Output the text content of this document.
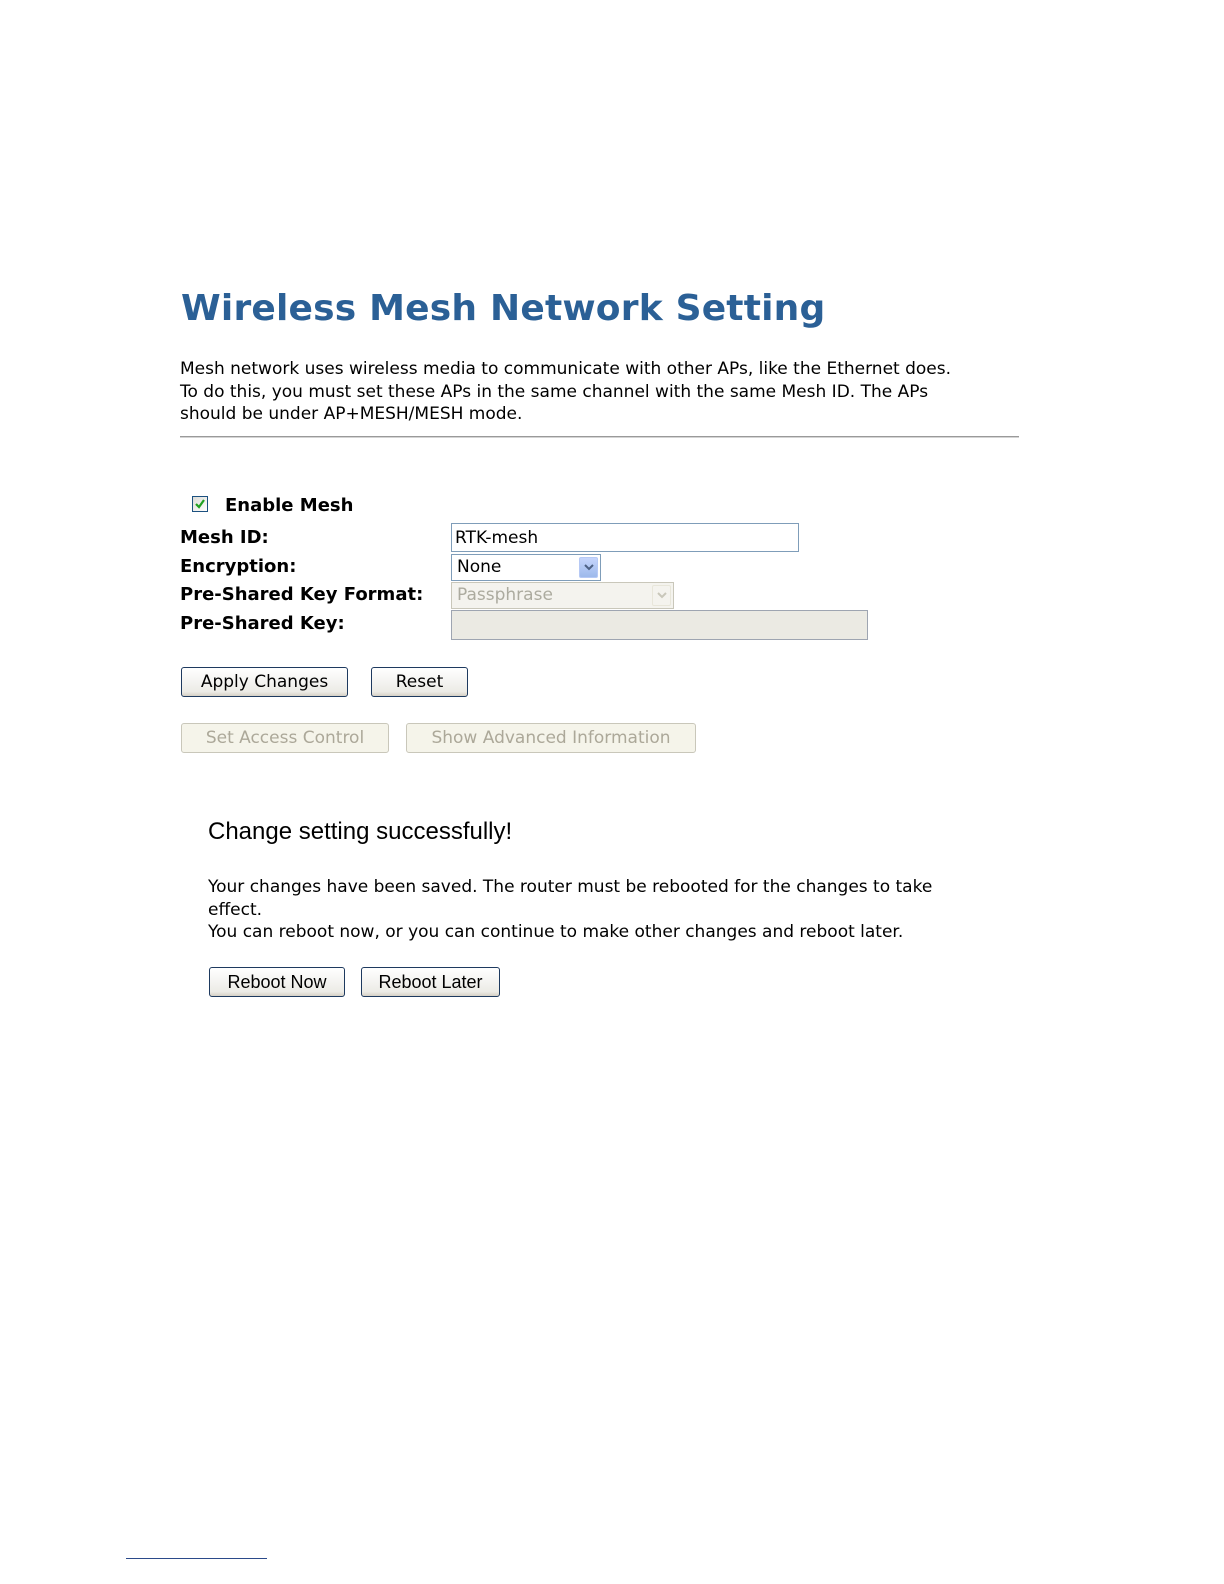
Wireless Mesh Network Setting
Mesh network uses wireless media to communicate with other APs, like the Ethernet does.
To do this, you must set these APs in the same channel with the same Mesh ID. The APs
should be under AP+MESH/MESH mode.
Enable Mesh
Mesh ID:
RTK-mesh
Encryption:	None
Pre-Shared Key Format: Passphrase
Pre-Shared Key:
Apply Changes	Reset
Set Access Control	Show Advanced Information
Change setting successfully!
Your changes have been saved. The router must be rebooted for the changes to take
effect.
You can reboot now, or you can continue to make other changes and reboot later.
Reboot Now	Reboot Later
